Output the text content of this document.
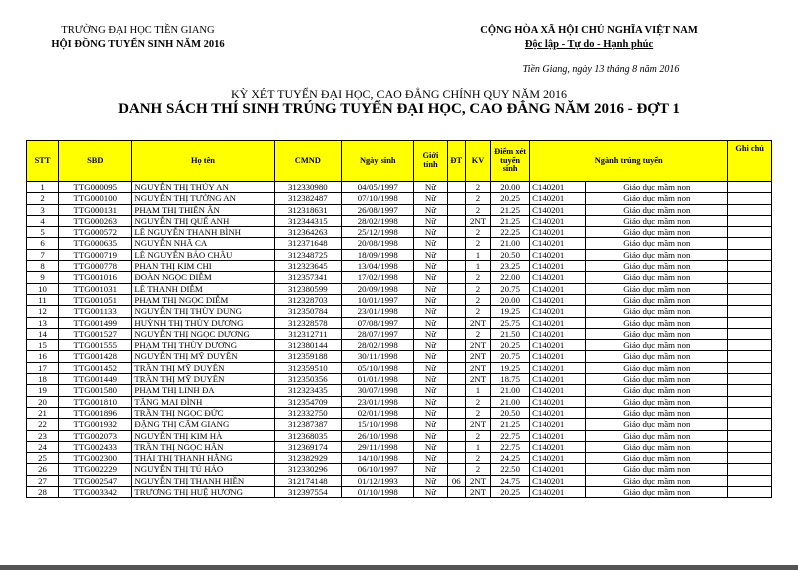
TRƯỜNG ĐẠI HỌC TIỀN GIANG
HỘI ĐỒNG TUYỂN SINH NĂM 2016
CỘNG HÒA XÃ HỘI CHỦ NGHĨA VIỆT NAM
Độc lập - Tự do - Hạnh phúc
Tiền Giang, ngày 13 tháng 8 năm 2016
KỲ XÉT TUYỂN ĐẠI HỌC, CAO ĐẲNG CHÍNH QUY NĂM 2016
DANH SÁCH THÍ SINH TRÚNG TUYỂN ĐẠI HỌC, CAO ĐẲNG NĂM 2016 - ĐỢT 1
STT	SBD	Họ tên	CMND	Ngày sinh	Giới tính	ĐT	KV	Điểm xét tuyển sinh	Ngành trúng tuyển		Ghi chú
1	TTG000095	NGUYỄN THỊ THÚY AN	312330980	04/05/1997	Nữ		2	20.00	C140201	Giáo dục mầm non	
2	TTG000100	NGUYỄN THỊ TƯỜNG AN	312382487	07/10/1998	Nữ		2	20.25	C140201	Giáo dục mầm non	
3	TTG000131	PHẠM THỊ THIÊN ÂN	312318631	26/08/1997	Nữ		2	21.25	C140201	Giáo dục mầm non	
4	TTG000263	NGUYỄN THỊ QUẾ ANH	312344315	28/02/1998	Nữ		2NT	21.25	C140201	Giáo dục mầm non	
5	TTG000572	LÊ NGUYỄN THANH BÌNH	312364263	25/12/1998	Nữ		2	22.25	C140201	Giáo dục mầm non	
6	TTG000635	NGUYỄN NHÃ CA	312371648	20/08/1998	Nữ		2	21.00	C140201	Giáo dục mầm non	
7	TTG000719	LÊ NGUYỄN BẢO CHÂU	312348725	18/09/1998	Nữ		1	20.50	C140201	Giáo dục mầm non	
8	TTG000778	PHAN THỊ KIM CHI	312323645	13/04/1998	Nữ		1	23.25	C140201	Giáo dục mầm non	
9	TTG001016	ĐOÀN NGỌC DIỄM	312357341	17/02/1998	Nữ		2	22.00	C140201	Giáo dục mầm non	
10	TTG001031	LÊ THANH DIỄM	312380599	20/09/1998	Nữ		2	20.75	C140201	Giáo dục mầm non	
11	TTG001051	PHẠM THỊ NGỌC DIỄM	312328703	10/01/1997	Nữ		2	20.00	C140201	Giáo dục mầm non	
12	TTG001133	NGUYỄN THỊ THÙY DUNG	312350784	23/01/1998	Nữ		2	19.25	C140201	Giáo dục mầm non	
13	TTG001499	HUỲNH THỊ THÙY DƯƠNG	312328578	07/08/1997	Nữ		2NT	25.75	C140201	Giáo dục mầm non	
14	TTG001527	NGUYỄN THỊ NGỌC DƯƠNG	312312711	28/07/1997	Nữ		2	21.50	C140201	Giáo dục mầm non	
15	TTG001555	PHẠM THỊ THÙY DƯƠNG	312380144	28/02/1998	Nữ		2NT	20.25	C140201	Giáo dục mầm non	
16	TTG001428	NGUYỄN THỊ MỸ DUYÊN	312359188	30/11/1998	Nữ		2NT	20.75	C140201	Giáo dục mầm non	
17	TTG001452	TRẦN THỊ MỸ DUYÊN	312359510	05/10/1998	Nữ		2NT	19.25	C140201	Giáo dục mầm non	
18	TTG001449	TRẦN THỊ MỸ DUYÊN	312350356	01/01/1998	Nữ		2NT	18.75	C140201	Giáo dục mầm non	
19	TTG001580	PHẠM THỊ LINH ĐA	312323435	30/07/1998	Nữ		1	21.00	C140201	Giáo dục mầm non	
20	TTG001810	TĂNG MAI ĐÌNH	312354709	23/01/1998	Nữ		2	21.00	C140201	Giáo dục mầm non	
21	TTG001896	TRẦN THỊ NGỌC ĐỨC	312332750	02/01/1998	Nữ		2	20.50	C140201	Giáo dục mầm non	
22	TTG001932	ĐẶNG THỊ CẨM GIANG	312387387	15/10/1998	Nữ		2NT	21.25	C140201	Giáo dục mầm non	
23	TTG002073	NGUYỄN THỊ KIM HÀ	312368035	26/10/1998	Nữ		2	22.75	C140201	Giáo dục mầm non	
24	TTG002433	TRẦN THỊ NGỌC HÂN	312369174	29/11/1998	Nữ		1	22.75	C140201	Giáo dục mầm non	
25	TTG002300	THÁI THỊ THANH HẰNG	312382929	14/10/1998	Nữ		2	24.25	C140201	Giáo dục mầm non	
26	TTG002229	NGUYỄN THỊ TÚ HẢO	312330296	06/10/1997	Nữ		2	22.50	C140201	Giáo dục mầm non	
27	TTG002547	NGUYỄN THỊ THANH HIỀN	312174148	01/12/1993	Nữ	06	2NT	24.75	C140201	Giáo dục mầm non	
28	TTG003342	TRƯƠNG THỊ HUỆ HƯƠNG	312397554	01/10/1998	Nữ		2NT	20.25	C140201	Giáo dục mầm non	
